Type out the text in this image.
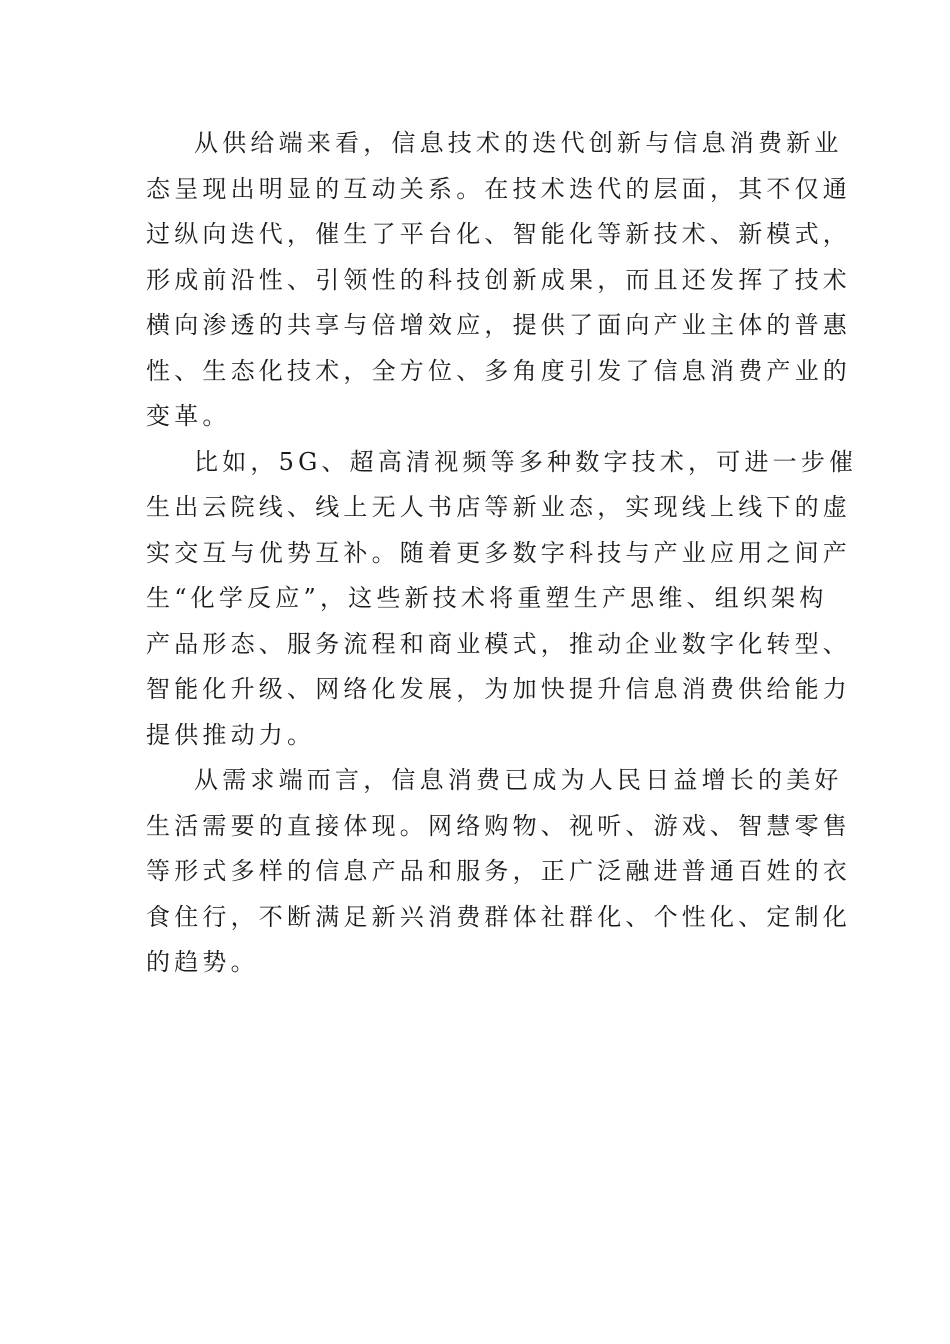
从供给端来看，信息技术的迭代创新与信息消费新业
态呈现出明显的互动关系。在技术迭代的层面，其不仅通
过纵向迭代，催生了平台化、智能化等新技术、新模式，
形成前沿性、引领性的科技创新成果，而且还发挥了技术
横向渗透的共享与倍增效应，提供了面向产业主体的普惠
性、生态化技术，全方位、多角度引发了信息消费产业的
变革。

比如，5G、超高清视频等多种数字技术，可进一步催
生出云院线、线上无人书店等新业态，实现线上线下的虚
实交互与优势互补。随着更多数字科技与产业应用之间产
生“化学反应”，这些新技术将重塑生产思维、组织架构
产品形态、服务流程和商业模式，推动企业数字化转型、
智能化升级、网络化发展，为加快提升信息消费供给能力
提供推动力。

从需求端而言，信息消费已成为人民日益增长的美好
生活需要的直接体现。网络购物、视听、游戏、智慧零售
等形式多样的信息产品和服务，正广泛融进普通百姓的衣
食住行，不断满足新兴消费群体社群化、个性化、定制化
的趋势。
